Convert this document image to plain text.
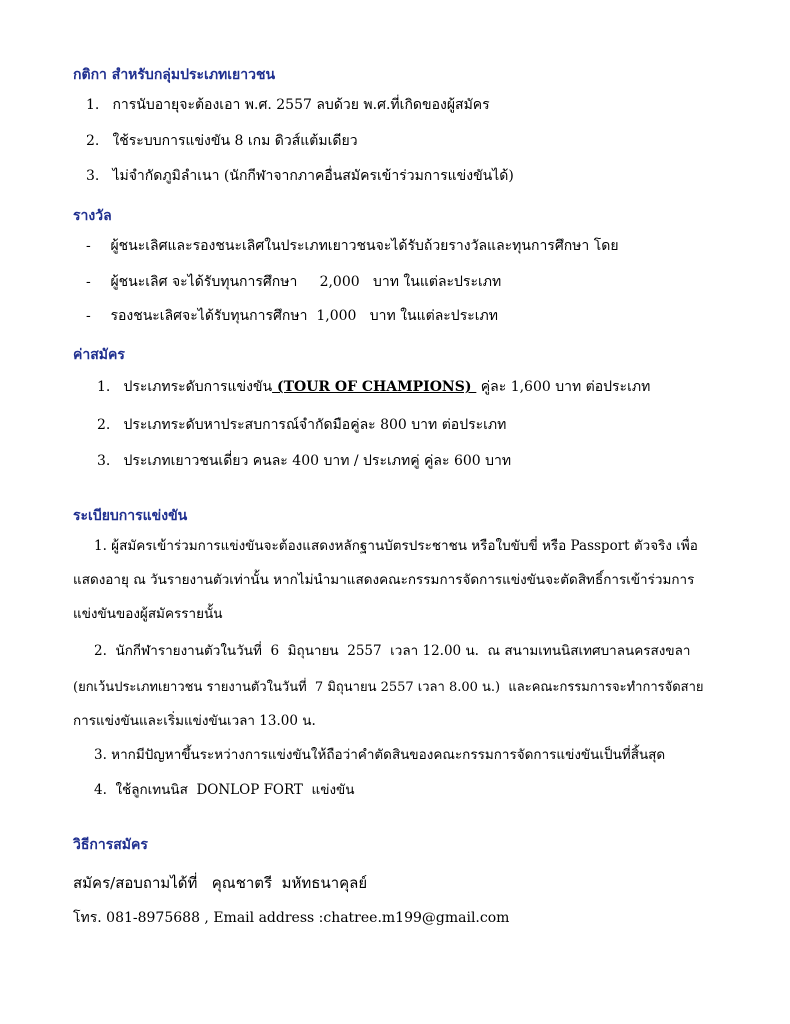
กติกา สำหรับกลุ่มประเภทเยาวชน
1. การนับอายุจะต้องเอา พ.ศ. 2557 ลบด้วย พ.ศ.ที่เกิดของผู้สมัคร
2. ใช้ระบบการแข่งขัน 8 เกม ดิวส์แต้มเดียว
3. ไม่จำกัดภูมิลำเนา (นักกีฬาจากภาคอื่นสมัครเข้าร่วมการแข่งขันได้)
รางวัล
- ผู้ชนะเลิศและรองชนะเลิศในประเภทเยาวชนจะได้รับถ้วยรางวัลและทุนการศึกษา โดย
- ผู้ชนะเลิศ จะได้รับทุนการศึกษา     2,000   บาท ในแต่ละประเภท
- รองชนะเลิศจะได้รับทุนการศึกษา  1,000   บาท ในแต่ละประเภท
ค่าสมัคร
1. ประเภทระดับการแข่งขัน (TOUR OF CHAMPIONS)  คู่ละ 1,600 บาท ต่อประเภท
2. ประเภทระดับหาประสบการณ์จำกัดมือคู่ละ 800 บาท ต่อประเภท
3. ประเภทเยาวชนเดี่ยว คนละ 400 บาท / ประเภทคู่ คู่ละ 600 บาท
ระเบียบการแข่งขัน
1. ผู้สมัครเข้าร่วมการแข่งขันจะต้องแสดงหลักฐานบัตรประชาชน หรือใบขับขี่ หรือ Passport ตัวจริง เพื่อ
แสดงอายุ ณ วันรายงานตัวเท่านั้น หากไม่นำมาแสดงคณะกรรมการจัดการแข่งขันจะตัดสิทธิ์การเข้าร่วมการ
แข่งขันของผู้สมัครรายนั้น
2.  นักกีฬารายงานตัวในวันที่  6  มิถุนายน  2557  เวลา 12.00 น.  ณ สนามเทนนิสเทศบาลนครสงขลา
(ยกเว้นประเภทเยาวชน รายงานตัวในวันที่  7 มิถุนายน 2557 เวลา 8.00 น.)  และคณะกรรมการจะทำการจัดสาย
การแข่งขันและเริ่มแข่งขันเวลา 13.00 น.
3. หากมีปัญหาขึ้นระหว่างการแข่งขันให้ถือว่าคำตัดสินของคณะกรรมการจัดการแข่งขันเป็นที่สิ้นสุด
4.  ใช้ลูกเทนนิส  DONLOP FORT  แข่งขัน
วิธีการสมัคร
สมัคร/สอบถามได้ที่   คุณชาตรี  มหัทธนาคุลย์
โทร. 081-8975688 , Email address :chatree.m199@gmail.com
